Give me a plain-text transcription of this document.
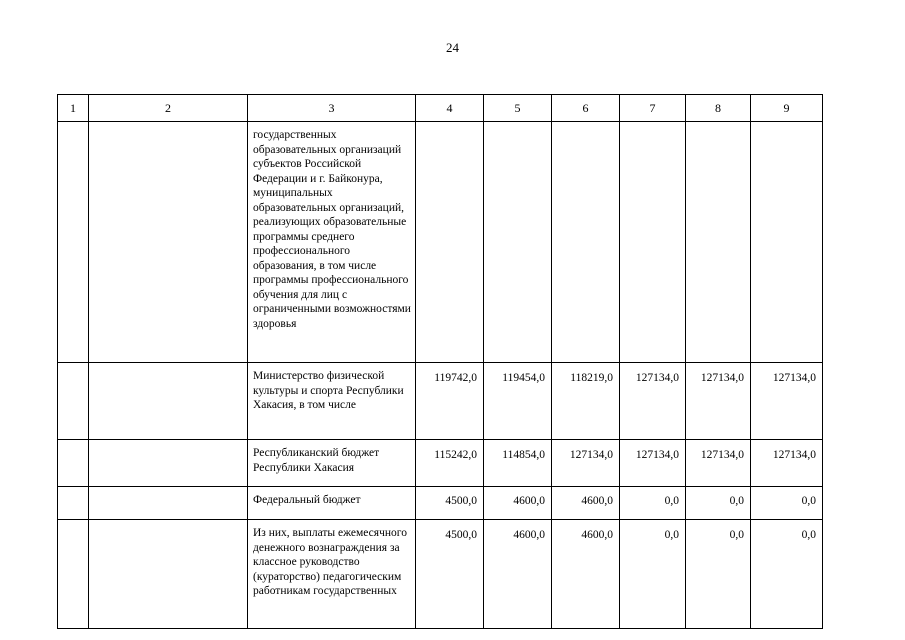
24
1	2	3	4	5	6	7	8	9
		государственных образовательных организаций субъектов Российской Федерации и г. Байконура, муниципальных образовательных организаций, реализующих образовательные программы среднего профессионального образования, в том числе программы профессионального обучения для лиц с ограниченными возможностями здоровья						
		Министерство физической культуры и спорта Республики Хакасия, в том числе	119742,0	119454,0	118219,0	127134,0	127134,0	127134,0
		Республиканский бюджет Республики Хакасия	115242,0	114854,0	127134,0	127134,0	127134,0	127134,0
		Федеральный бюджет	4500,0	4600,0	4600,0	0,0	0,0	0,0
		Из них, выплаты ежемесячного денежного вознаграждения за классное руководство (кураторство) педагогическим работникам государственных	4500,0	4600,0	4600,0	0,0	0,0	0,0
